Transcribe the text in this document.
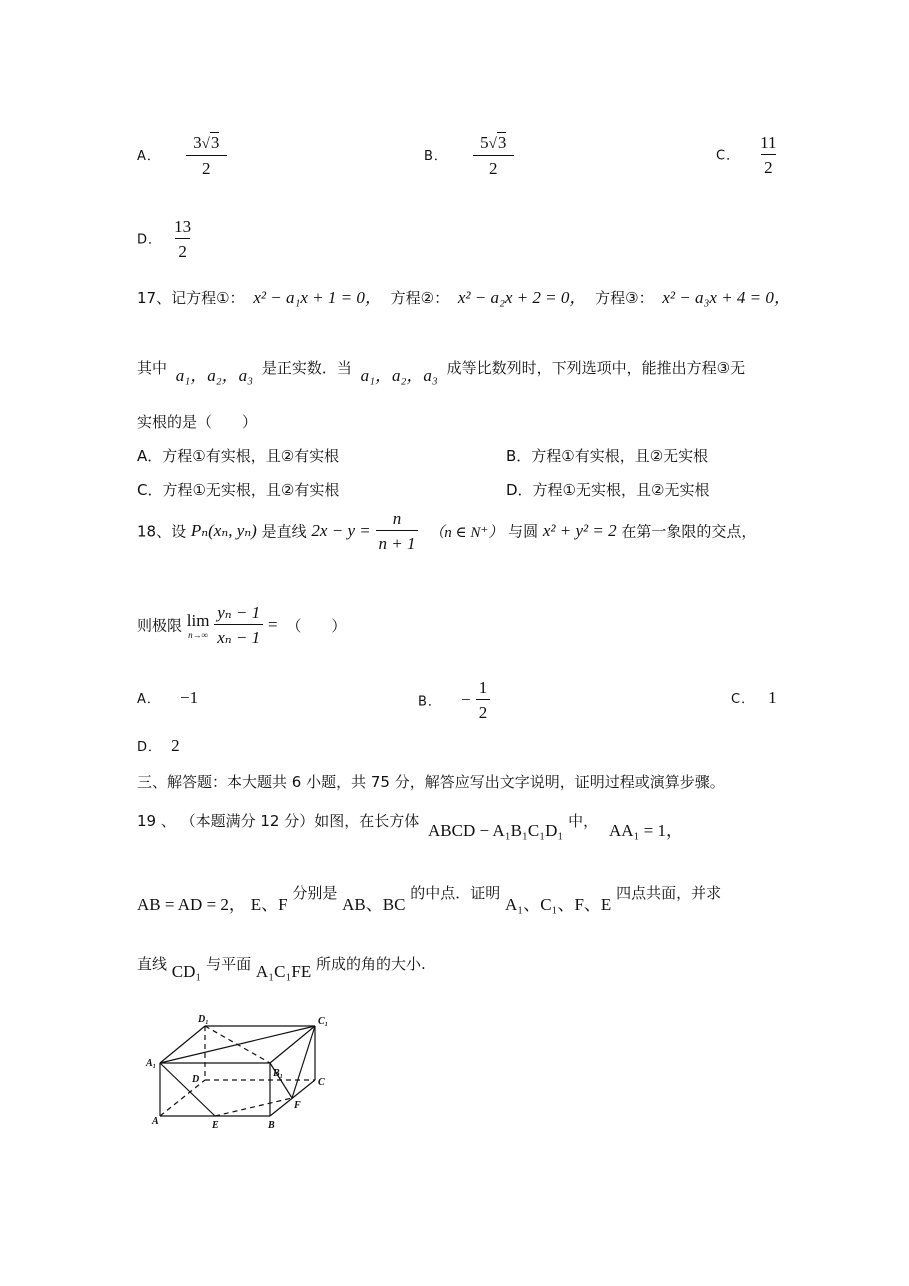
A． $\frac{3√3}{2}$	B． $\frac{5√3}{2}$	C． $\frac{11}{2}$
D． $\frac{13}{2}$
17、记方程①： x² − a₁x + 1 = 0， 方程②： x² − a₂x + 2 = 0， 方程③： x² − a₃x + 4 = 0，
其中 a₁，a₂，a₃ 是正实数．当 a₁，a₂，a₃ 成等比数列时，下列选项中，能推出方程③无
实根的是（　　）
A．方程①有实根，且②有实根	B．方程①有实根，且②无实根
C．方程①无实根，且②有实根	D．方程①无实根，且②无实根
18、设 Pₙ(xₙ, yₙ) 是直线 $2x - y = \frac{n}{n + 1} (n$ ∈ N⁺） 与圆 x² + y² = 2 在第一象限的交点，
则极限 lim
n→∞
$\frac{\text{yₙ − 1}}{\text{xₙ − 1}}$ = （　　）
A． −1	B． − $\frac{1}{2}$	C． 1
D． 2
三、解答题：本大题共 6 小题，共 75 分，解答应写出文字说明，证明过程或演算步骤。
19 、 （本题满分 12 分）如图，在长方体 ABCD − A₁B₁C₁D₁ 中， AA₁ = 1，
AB = AD = 2， E、F 分别是 AB、BC 的中点．证明 A₁、C₁、F、E 四点共面，并求
直线 CD₁ 与平面 A₁C₁FE 所成的角的大小.
D₁	C₁
A₁
B₁
D	C
A	B
E
F
